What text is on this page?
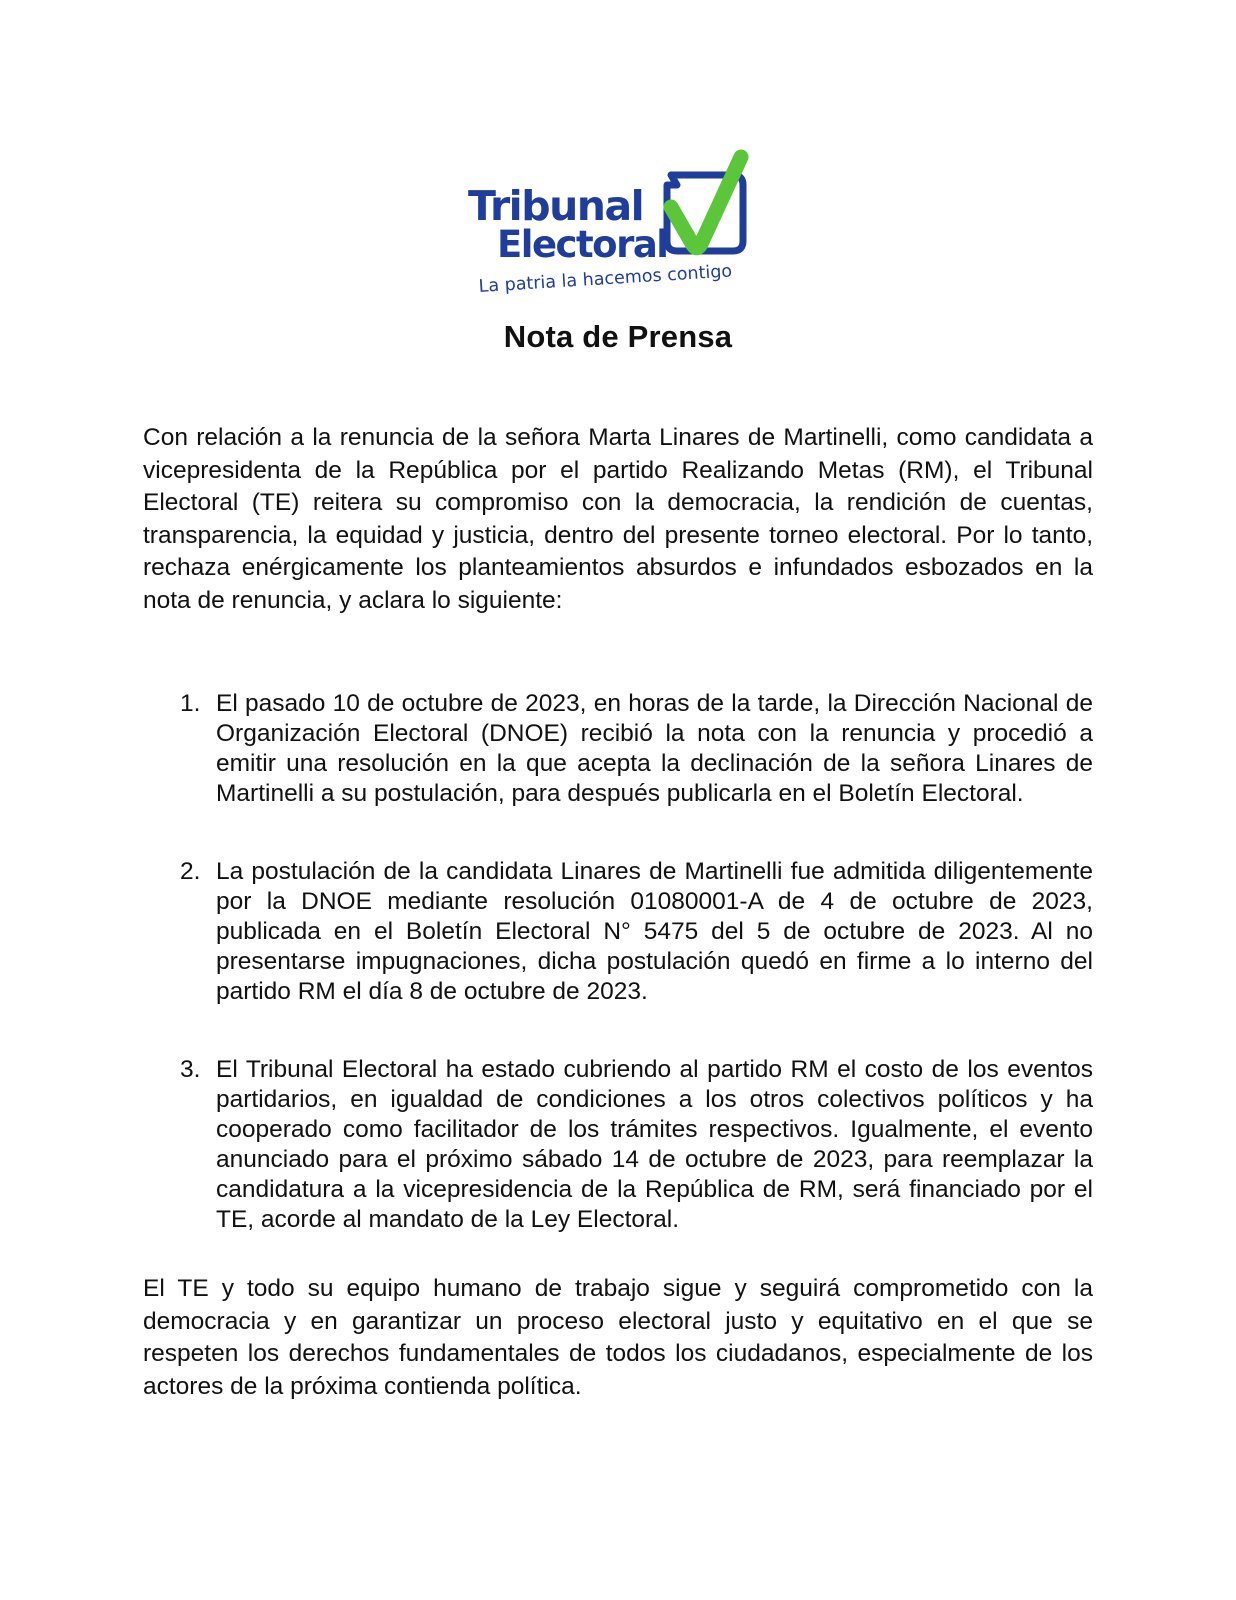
Tribunal
Electoral
La patria la hacemos contigo
Nota de Prensa

Con relación a la renuncia de la señora Marta Linares de Martinelli, como candidata a vicepresidenta de la República por el partido Realizando Metas (RM), el Tribunal Electoral (TE) reitera su compromiso con la democracia, la rendición de cuentas, transparencia, la equidad y justicia, dentro del presente torneo electoral. Por lo tanto, rechaza enérgicamente los planteamientos absurdos e infundados esbozados en la nota de renuncia, y aclara lo siguiente:

1. El pasado 10 de octubre de 2023, en horas de la tarde, la Dirección Nacional de Organización Electoral (DNOE) recibió la nota con la renuncia y procedió a emitir una resolución en la que acepta la declinación de la señora Linares de Martinelli a su postulación, para después publicarla en el Boletín Electoral.
2. La postulación de la candidata Linares de Martinelli fue admitida diligentemente por la DNOE mediante resolución 01080001-A de 4 de octubre de 2023, publicada en el Boletín Electoral N° 5475 del 5 de octubre de 2023. Al no presentarse impugnaciones, dicha postulación quedó en firme a lo interno del partido RM el día 8 de octubre de 2023.
3. El Tribunal Electoral ha estado cubriendo al partido RM el costo de los eventos partidarios, en igualdad de condiciones a los otros colectivos políticos y ha cooperado como facilitador de los trámites respectivos. Igualmente, el evento anunciado para el próximo sábado 14 de octubre de 2023, para reemplazar la candidatura a la vicepresidencia de la República de RM, será financiado por el TE, acorde al mandato de la Ley Electoral.

El TE y todo su equipo humano de trabajo sigue y seguirá comprometido con la democracia y en garantizar un proceso electoral justo y equitativo en el que se respeten los derechos fundamentales de todos los ciudadanos, especialmente de los actores de la próxima contienda política.
